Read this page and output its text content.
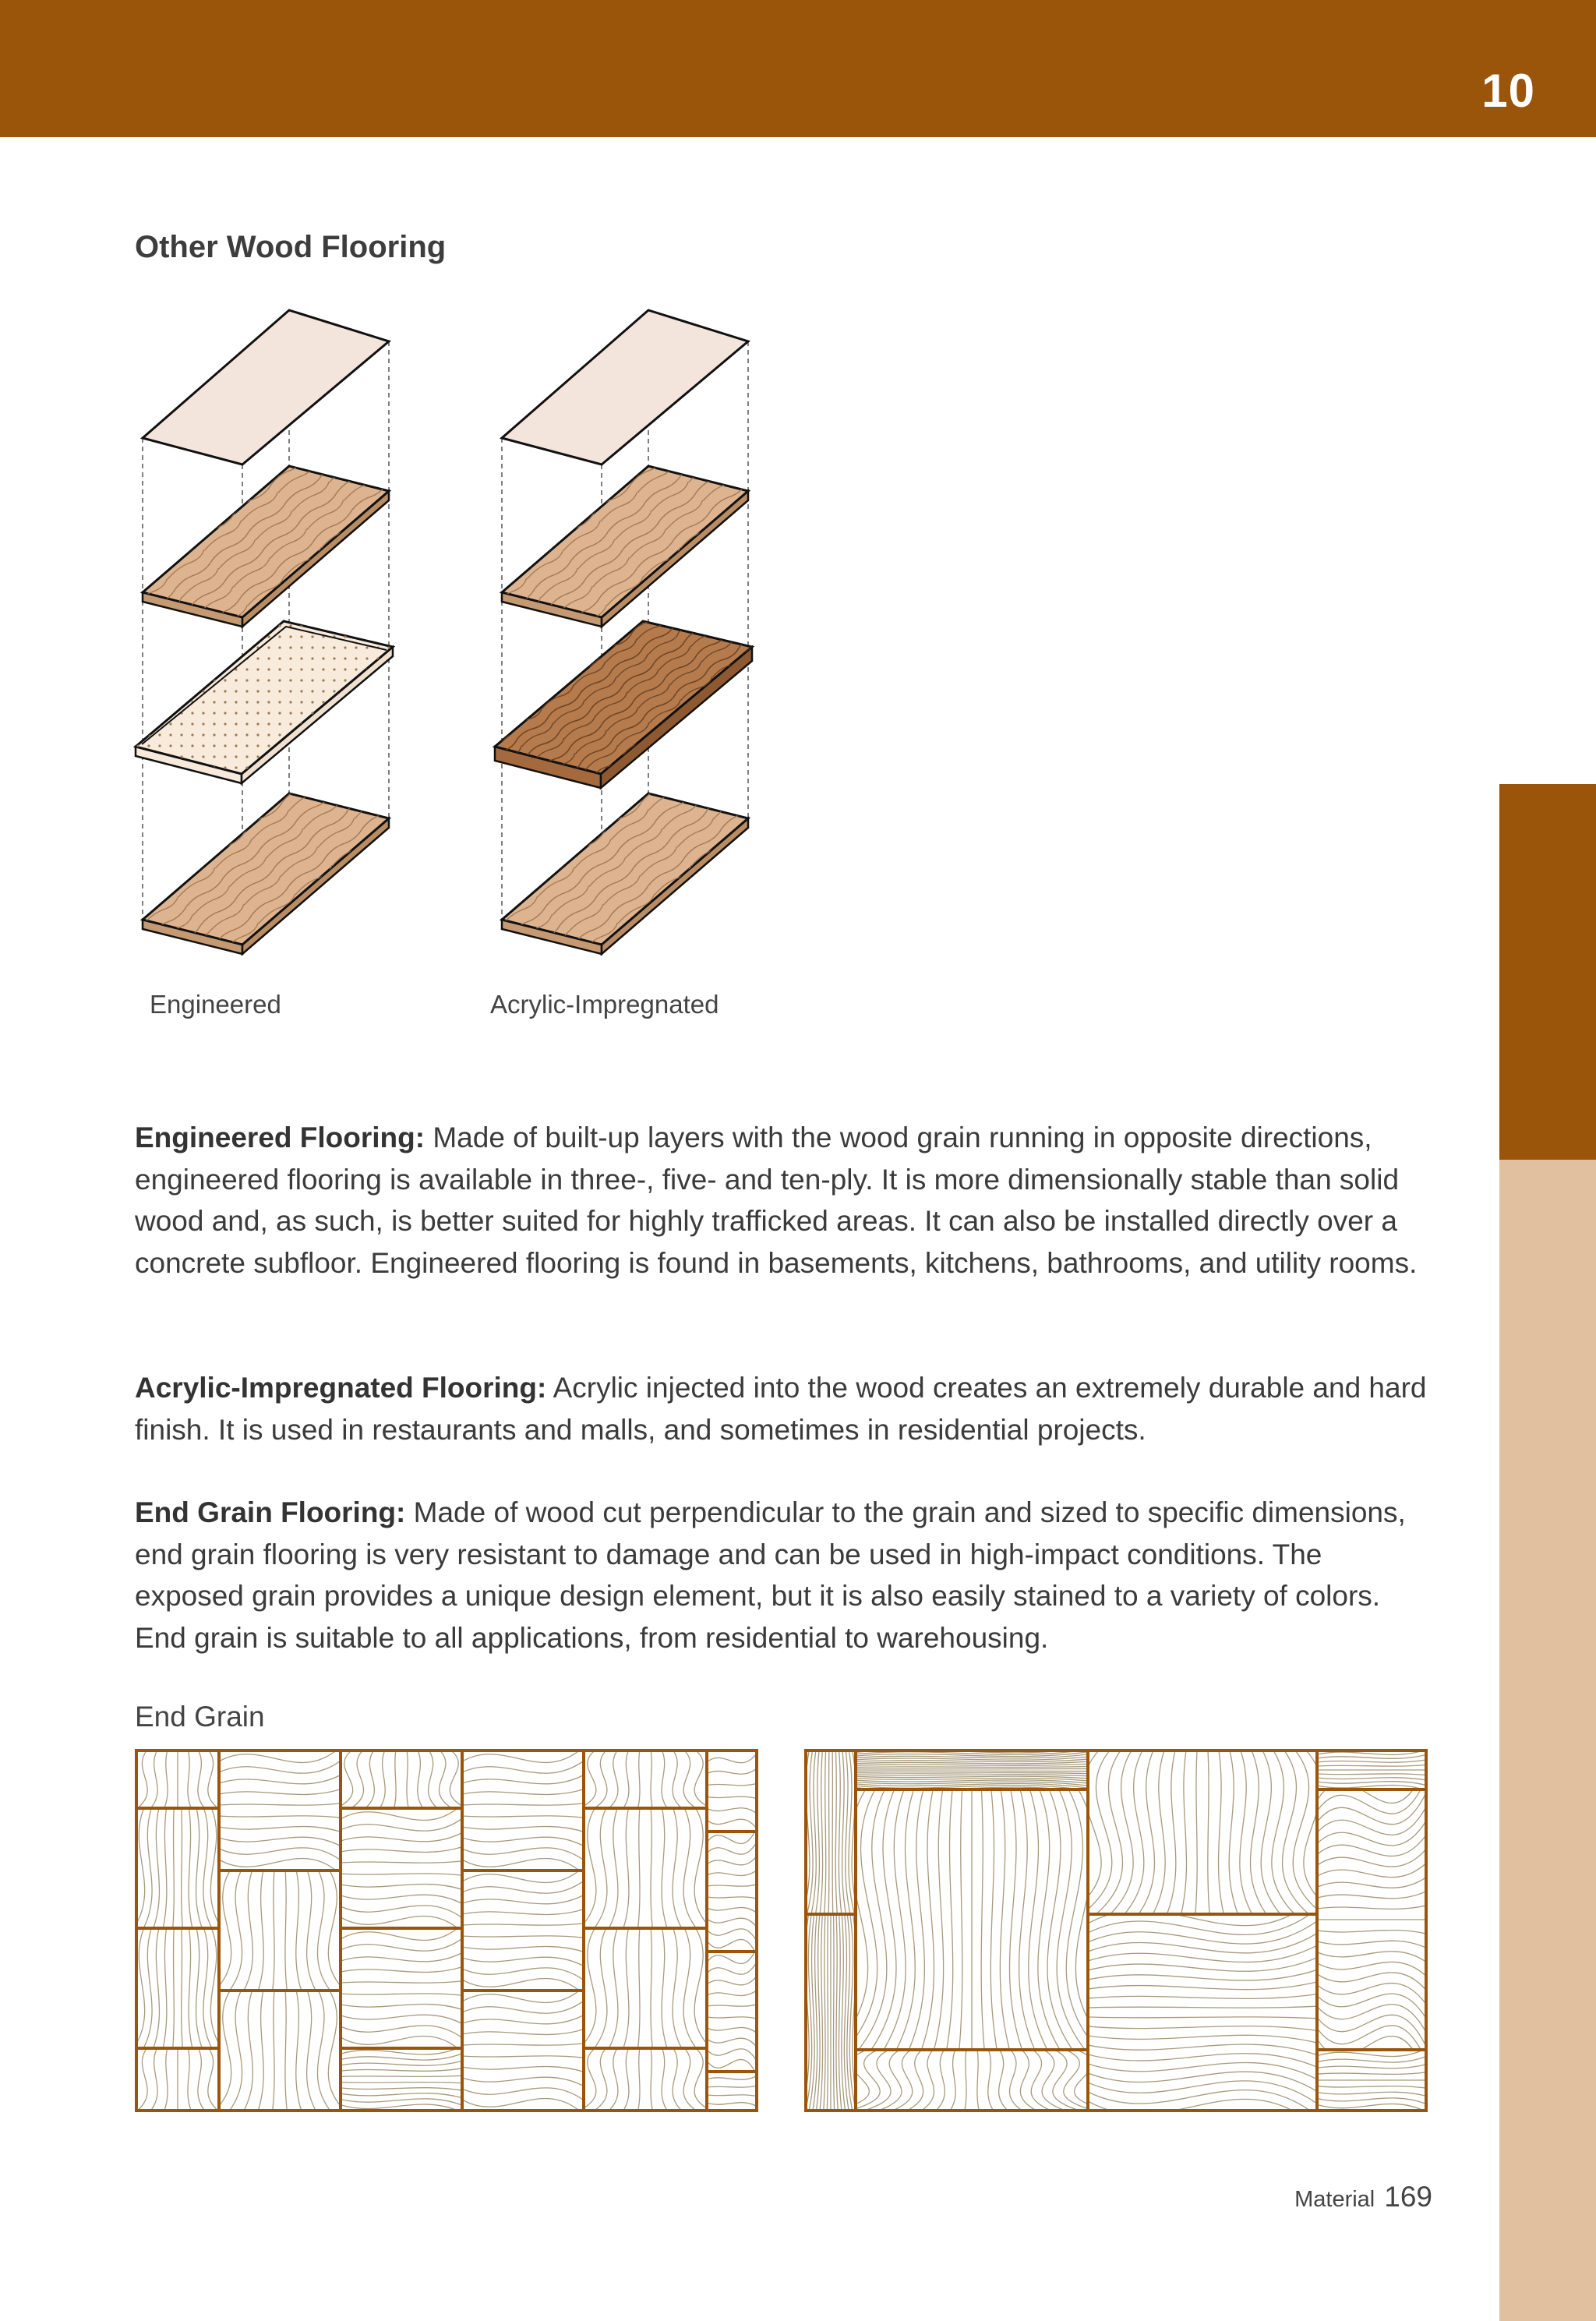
10
Other Wood Flooring
Engineered	Acrylic-Impregnated
Engineered Flooring: Made of built-up layers with the wood grain running in opposite directions, engineered flooring is available in three-, five- and ten-ply. It is more dimensionally stable than solid wood and, as such, is better suited for highly trafficked areas. It can also be installed directly over a concrete subfloor. Engineered flooring is found in basements, kitchens, bathrooms, and utility rooms.
Acrylic-Impregnated Flooring: Acrylic injected into the wood creates an extremely durable and hard finish. It is used in restaurants and malls, and sometimes in residential projects.
End Grain Flooring: Made of wood cut perpendicular to the grain and sized to specific dimensions, end grain flooring is very resistant to damage and can be used in high-impact conditions. The exposed grain provides a unique design element, but it is also easily stained to a variety of colors. End grain is suitable to all applications, from residential to warehousing.
End Grain
Material 169
